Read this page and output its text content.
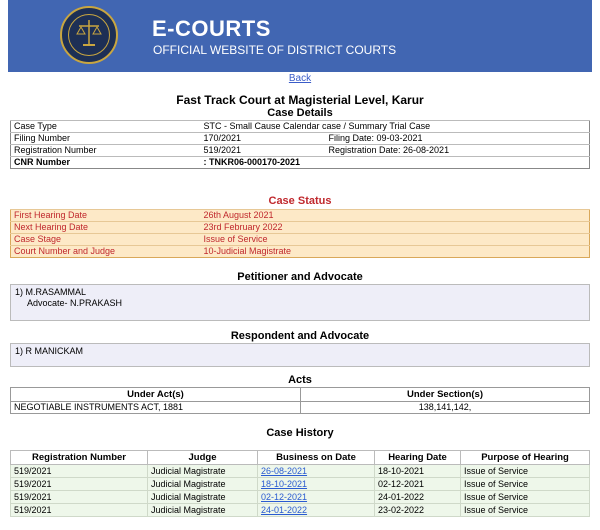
E-COURTS
OFFICIAL WEBSITE OF DISTRICT COURTS
Back
Fast Track Court at Magisterial Level, Karur
Case Details
Case Type	STC - Small Cause Calendar case / Summary Trial Case	
Filing Number	170/2021	Filing Date: 09-03-2021
Registration Number	519/2021	Registration Date: 26-08-2021
CNR Number	: TNKR06-000170-2021	
Case Status
First Hearing Date	26th August 2021
Next Hearing Date	23rd February 2022
Case Stage	Issue of Service
Court Number and Judge	10-Judicial Magistrate
Petitioner and Advocate
1) M.RASAMMAL
Advocate- N.PRAKASH
Respondent and Advocate
1) R MANICKAM
Acts
Under Act(s)	Under Section(s)
NEGOTIABLE INSTRUMENTS ACT, 1881	138,141,142,
Case History
Registration Number	Judge	Business on Date	Hearing Date	Purpose of Hearing
519/2021	Judicial Magistrate	26-08-2021	18-10-2021	Issue of Service
519/2021	Judicial Magistrate	18-10-2021	02-12-2021	Issue of Service
519/2021	Judicial Magistrate	02-12-2021	24-01-2022	Issue of Service
519/2021	Judicial Magistrate	24-01-2022	23-02-2022	Issue of Service
